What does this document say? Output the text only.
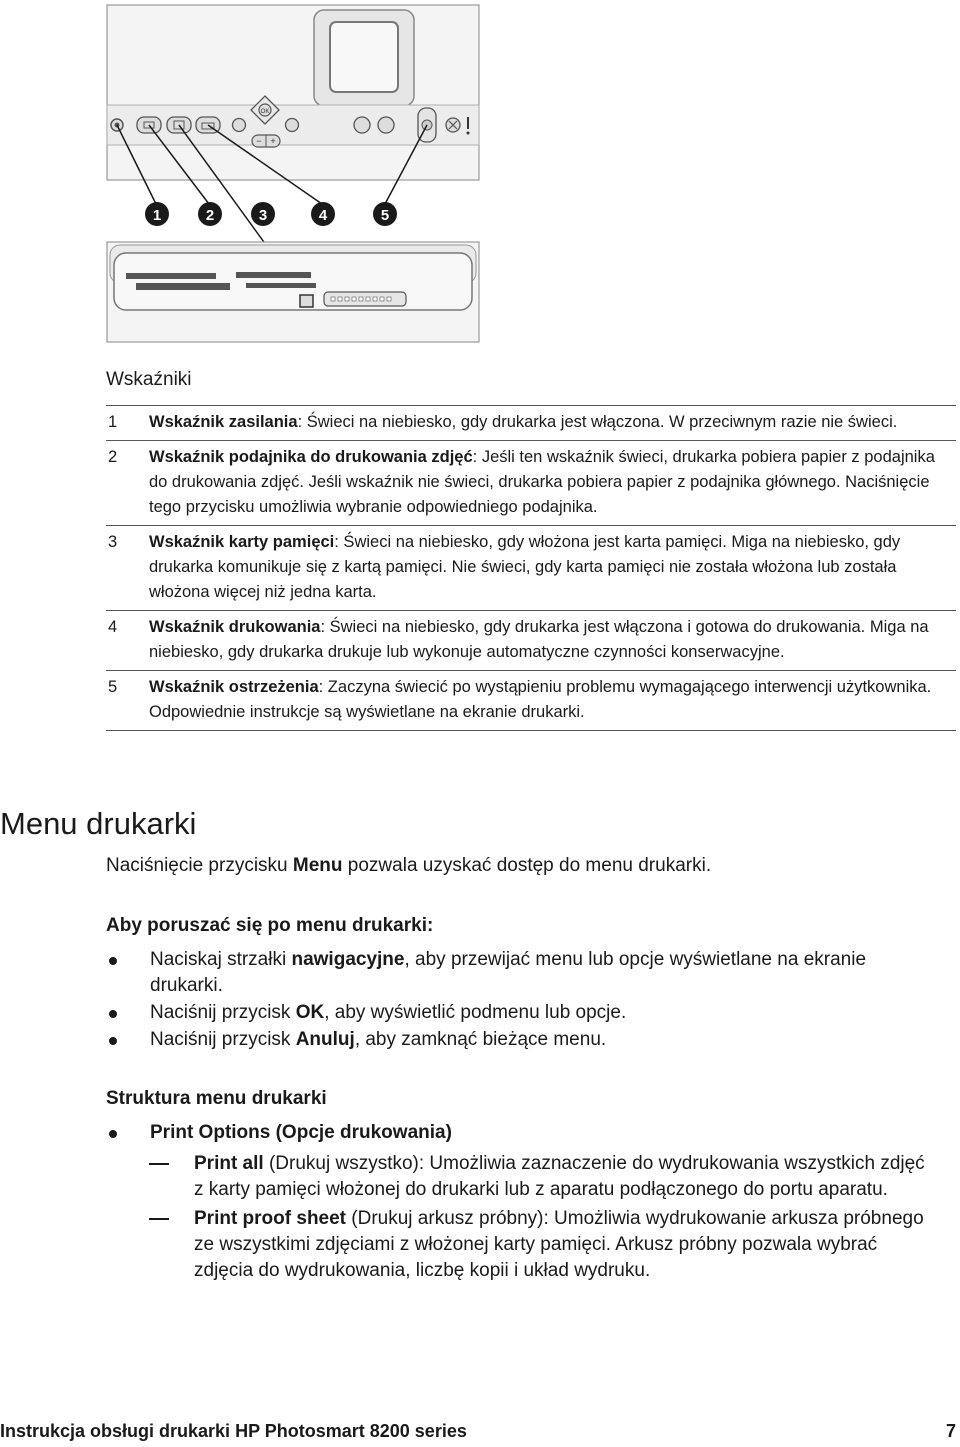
OK
− +
1	2	3	4	5
Wskaźniki
1	Wskaźnik zasilania: Świeci na niebiesko, gdy drukarka jest włączona. W przeciwnym razie nie świeci.
2	Wskaźnik podajnika do drukowania zdjęć: Jeśli ten wskaźnik świeci, drukarka pobiera papier z podajnika do drukowania zdjęć. Jeśli wskaźnik nie świeci, drukarka pobiera papier z podajnika głównego. Naciśnięcie tego przycisku umożliwia wybranie odpowiedniego podajnika.
3	Wskaźnik karty pamięci: Świeci na niebiesko, gdy włożona jest karta pamięci. Miga na niebiesko, gdy drukarka komunikuje się z kartą pamięci. Nie świeci, gdy karta pamięci nie została włożona lub została włożona więcej niż jedna karta.
4	Wskaźnik drukowania: Świeci na niebiesko, gdy drukarka jest włączona i gotowa do drukowania. Miga na niebiesko, gdy drukarka drukuje lub wykonuje automatyczne czynności konserwacyjne.
5	Wskaźnik ostrzeżenia: Zaczyna świecić po wystąpieniu problemu wymagającego interwencji użytkownika. Odpowiednie instrukcje są wyświetlane na ekranie drukarki.
Menu drukarki
Naciśnięcie przycisku Menu pozwala uzyskać dostęp do menu drukarki.
Aby poruszać się po menu drukarki:
Naciskaj strzałki nawigacyjne, aby przewijać menu lub opcje wyświetlane na ekranie drukarki.
Naciśnij przycisk OK, aby wyświetlić podmenu lub opcje.
Naciśnij przycisk Anuluj, aby zamknąć bieżące menu.
Struktura menu drukarki
Print Options (Opcje drukowania)
Print all (Drukuj wszystko): Umożliwia zaznaczenie do wydrukowania wszystkich zdjęć z karty pamięci włożonej do drukarki lub z aparatu podłączonego do portu aparatu.
Print proof sheet (Drukuj arkusz próbny): Umożliwia wydrukowanie arkusza próbnego ze wszystkimi zdjęciami z włożonej karty pamięci. Arkusz próbny pozwala wybrać zdjęcia do wydrukowania, liczbę kopii i układ wydruku.
Instrukcja obsługi drukarki HP Photosmart 8200 series	7
